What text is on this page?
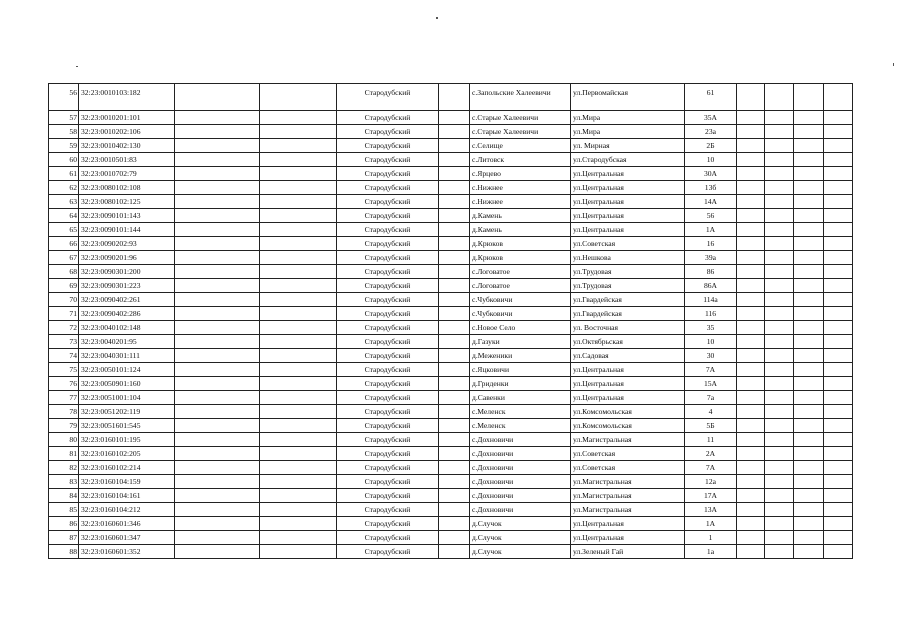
56	32:23:0010103:182			Стародубский		с.Запольские Халеевичи	ул.Первомайская	61				
57	32:23:0010201:101			Стародубский		с.Старые Халеевичи	ул.Мира	35А				
58	32:23:0010202:106			Стародубский		с.Старые Халеевичи	ул.Мира	23а				
59	32:23:0010402:130			Стародубский		с.Селище	ул. Мирная	2Б				
60	32:23:0010501:83			Стародубский		с.Литовск	ул.Стародубская	10				
61	32:23:0010702:79			Стародубский		с.Ярцево	ул.Центральная	30А				
62	32:23:0080102:108			Стародубский		с.Нижнее	ул.Центральная	13б				
63	32:23:0080102:125			Стародубский		с.Нижнее	ул.Центральная	14А				
64	32:23:0090101:143			Стародубский		д.Камень	ул.Центральная	56				
65	32:23:0090101:144			Стародубский		д.Камень	ул.Центральная	1А				
66	32:23:0090202:93			Стародубский		д.Крюков	ул.Советская	16				
67	32:23:0090201:96			Стародубский		д.Крюков	ул.Нешкова	39а				
68	32:23:0090301:200			Стародубский		с.Логоватое	ул.Трудовая	86				
69	32:23:0090301:223			Стародубский		с.Логоватое	ул.Трудовая	86А				
70	32:23:0090402:261			Стародубский		с.Чубковичи	ул.Гвардейская	114а				
71	32:23:0090402:286			Стародубский		с.Чубковичи	ул.Гвардейская	116				
72	32:23:0040102:148			Стародубский		с.Новое Село	ул. Восточная	35				
73	32:23:0040201:95			Стародубский		д.Газуки	ул.Октябрьская	10				
74	32:23:0040301:111			Стародубский		д.Меженики	ул.Садовая	30				
75	32:23:0050101:124			Стародубский		с.Яцковичи	ул.Центральная	7А				
76	32:23:0050901:160			Стародубский		д.Гриденки	ул.Центральная	15А				
77	32:23:0051001:104			Стародубский		д.Савенки	ул.Центральная	7а				
78	32:23:0051202:119			Стародубский		с.Меленск	ул.Комсомольская	4				
79	32:23:0051601:545			Стародубский		с.Меленск	ул.Комсомольская	5Б				
80	32:23:0160101:195			Стародубский		с.Дохновичи	ул.Магистральная	11				
81	32:23:0160102:205			Стародубский		с.Дохновичи	ул.Советская	2А				
82	32:23:0160102:214			Стародубский		с.Дохновичи	ул.Советская	7А				
83	32:23:0160104:159			Стародубский		с.Дохновичи	ул.Магистральная	12а				
84	32:23:0160104:161			Стародубский		с.Дохновичи	ул.Магистральная	17А				
85	32:23:0160104:212			Стародубский		с.Дохновичи	ул.Магистральная	13А				
86	32:23:0160601:346			Стародубский		д.Случок	ул.Центральная	1А				
87	32:23:0160601:347			Стародубский		д.Случок	ул.Центральная	1				
88	32:23:0160601:352			Стародубский		д.Случок	ул.Зеленый Гай	1а				
